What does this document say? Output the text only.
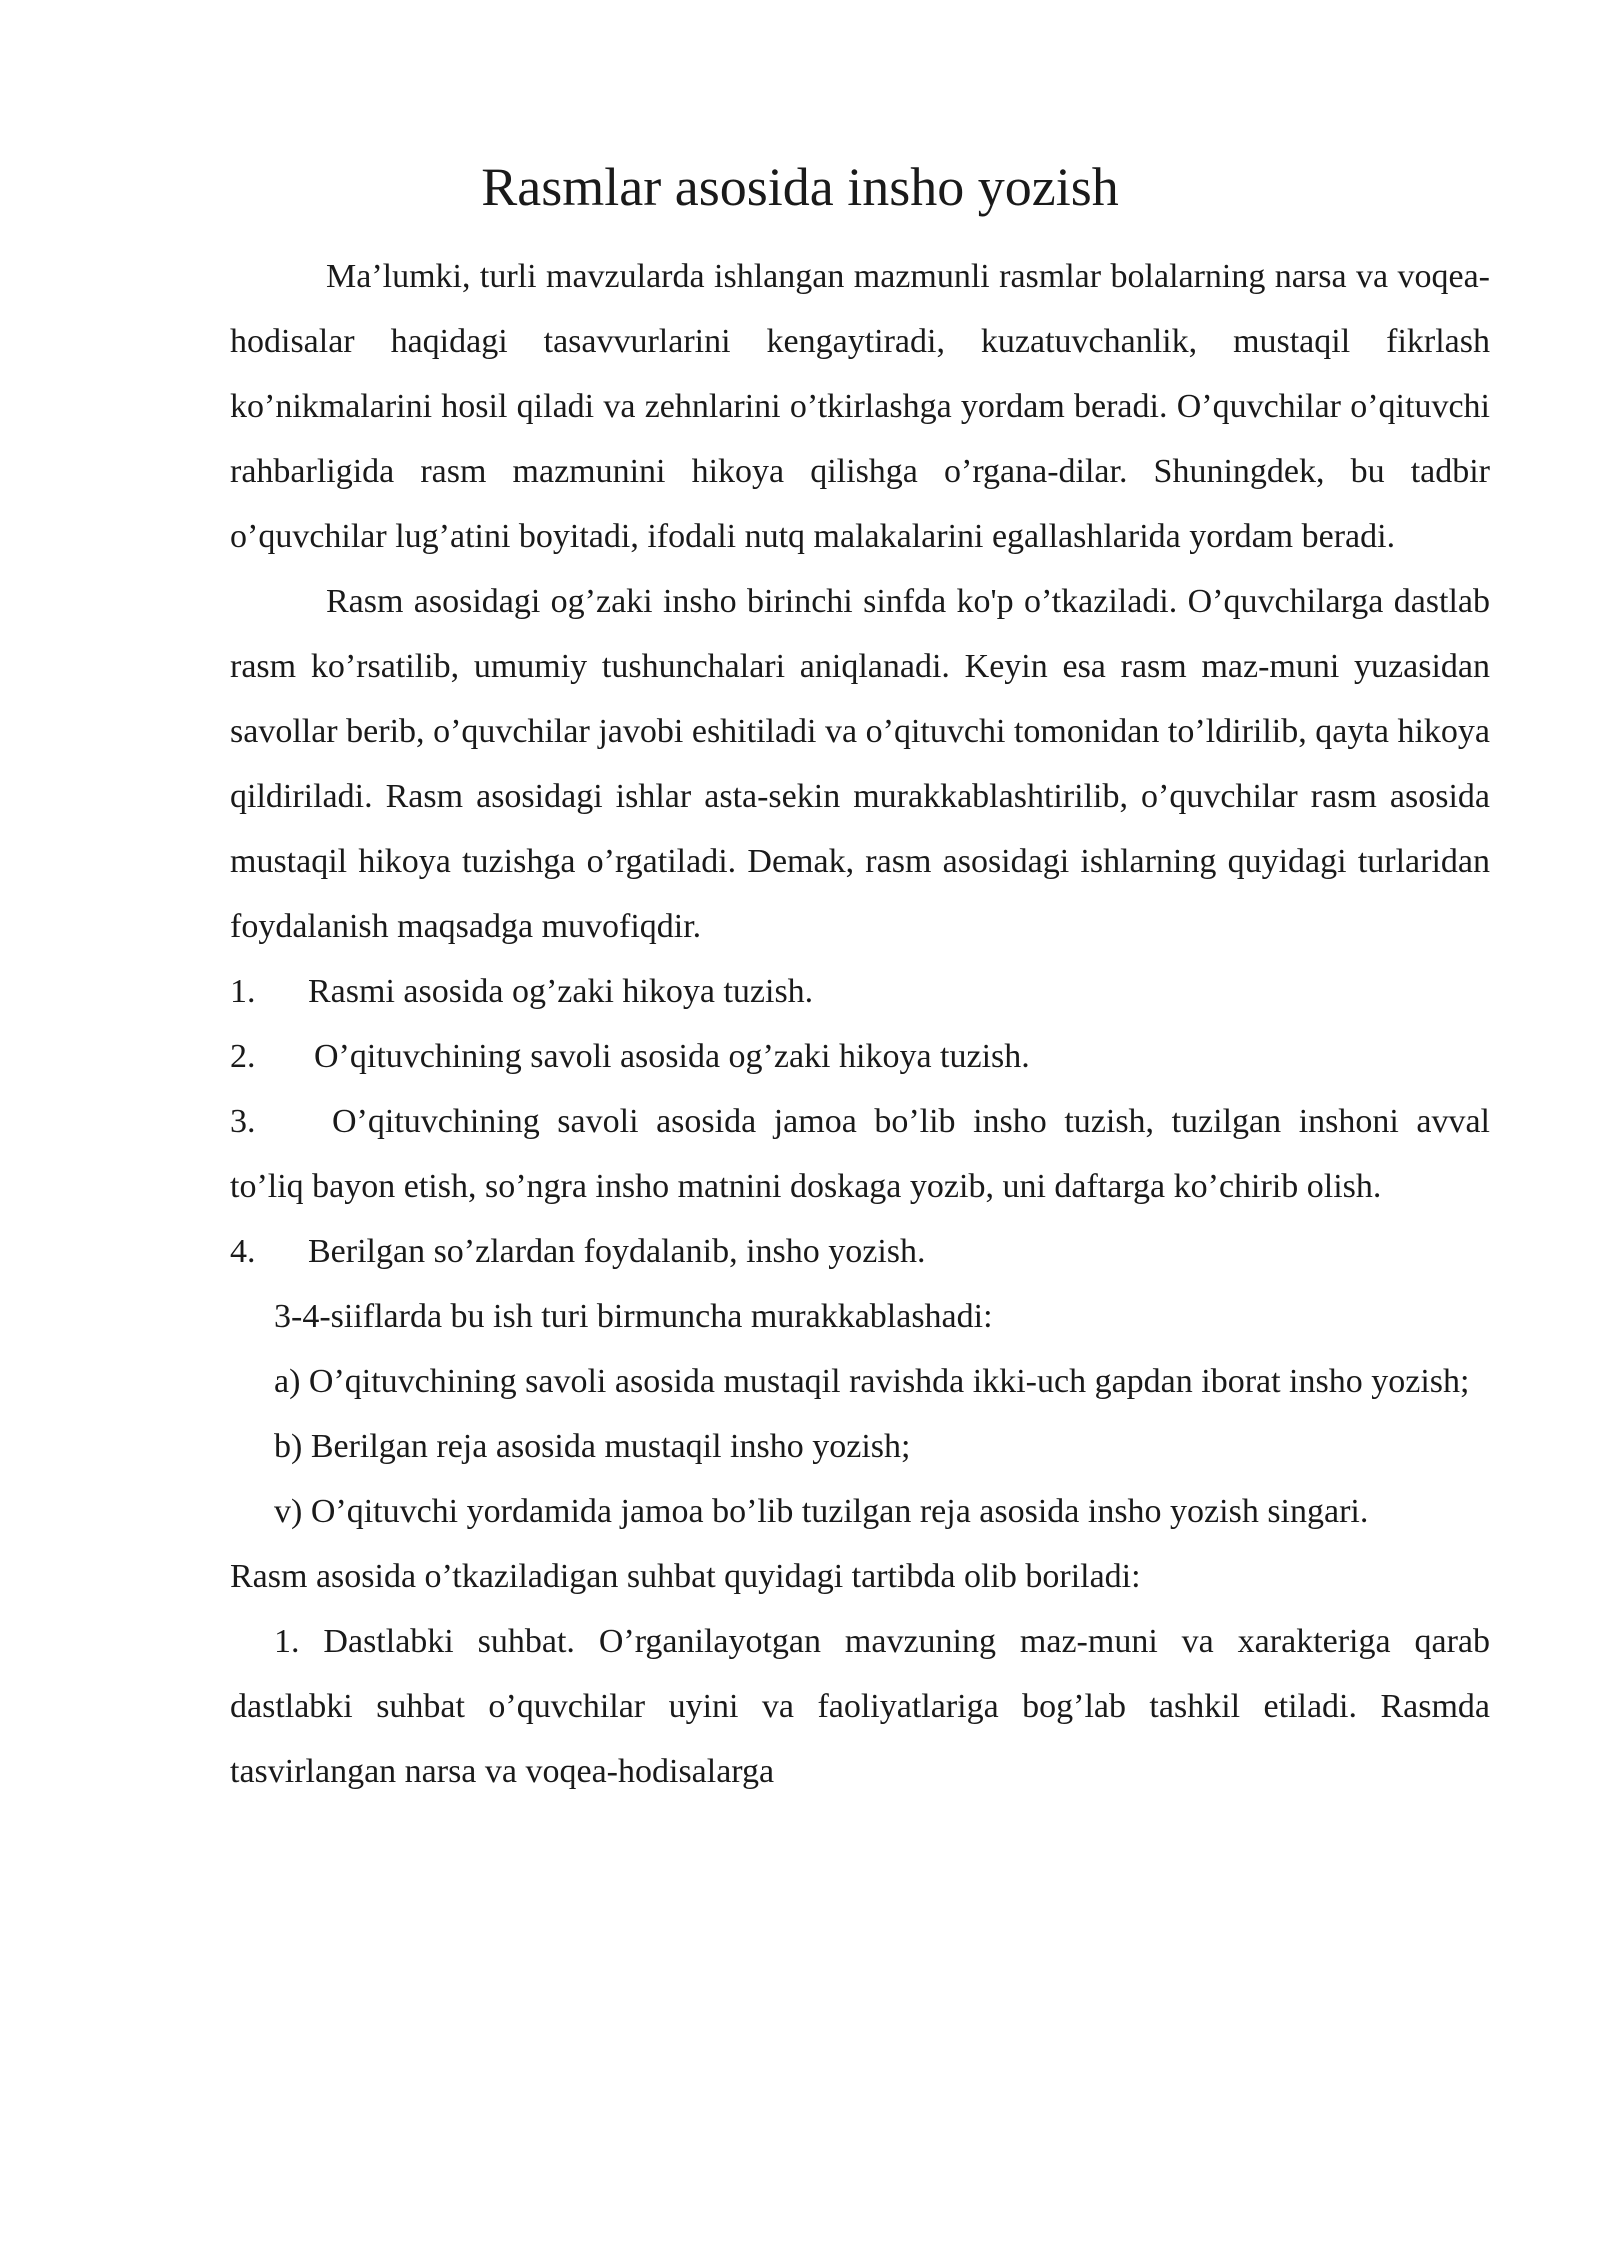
Rasmlar asosida insho yozish

Ma’lumki, turli mavzularda ishlangan mazmunli rasmlar bolalarning narsa va voqea-hodisalar haqidagi tasavvurlarini kengaytiradi, kuzatuvchanlik, mustaqil fikrlash ko’nikmalarini hosil qiladi va zehnlarini o’tkirlashga yordam beradi. O’quvchilar o’qituvchi rahbarligida rasm mazmunini hikoya qilishga o’rgana-dilar. Shuningdek, bu tadbir o’quvchilar lug’atini boyitadi, ifodali nutq malakalarini egallashlarida yordam beradi.

Rasm asosidagi og’zaki insho birinchi sinfda ko'p o’tkaziladi. O’quvchilarga dastlab rasm ko’rsatilib, umumiy tushunchalari aniqlanadi. Keyin esa rasm maz-muni yuzasidan savollar berib, o’quvchilar javobi eshitiladi va o’qituvchi tomonidan to’ldirilib, qayta hikoya qildiriladi. Rasm asosidagi ishlar asta-sekin murakkablashtirilib, o’quvchilar rasm asosida mustaqil hikoya tuzishga o’rgatiladi. Demak, rasm asosidagi ishlarning quyidagi turlaridan foydalanish maqsadga muvofiqdir.

1. Rasmi asosida og’zaki hikoya tuzish.

2. O’qituvchining savoli asosida og’zaki hikoya tuzish.

3. O’qituvchining savoli asosida jamoa bo’lib insho tuzish, tuzilgan inshoni avval to’liq bayon etish, so’ngra insho matnini doskaga yozib, uni daftarga ko’chirib olish.

4. Berilgan so’zlardan foydalanib, insho yozish.

3-4-siiflarda bu ish turi birmuncha murakkablashadi:

a) O’qituvchining savoli asosida mustaqil ravishda ikki-uch gapdan iborat insho yozish;

b) Berilgan reja asosida mustaqil insho yozish;

v) O’qituvchi yordamida jamoa bo’lib tuzilgan reja asosida insho yozish singari.

Rasm asosida o’tkaziladigan suhbat quyidagi tartibda olib boriladi:

1. Dastlabki suhbat. O’rganilayotgan mavzuning maz-muni va xarakteriga qarab dastlabki suhbat o’quvchilar uyini va faoliyatlariga bog’lab tashkil etiladi. Rasmda tasvirlangan narsa va voqea-hodisalarga
